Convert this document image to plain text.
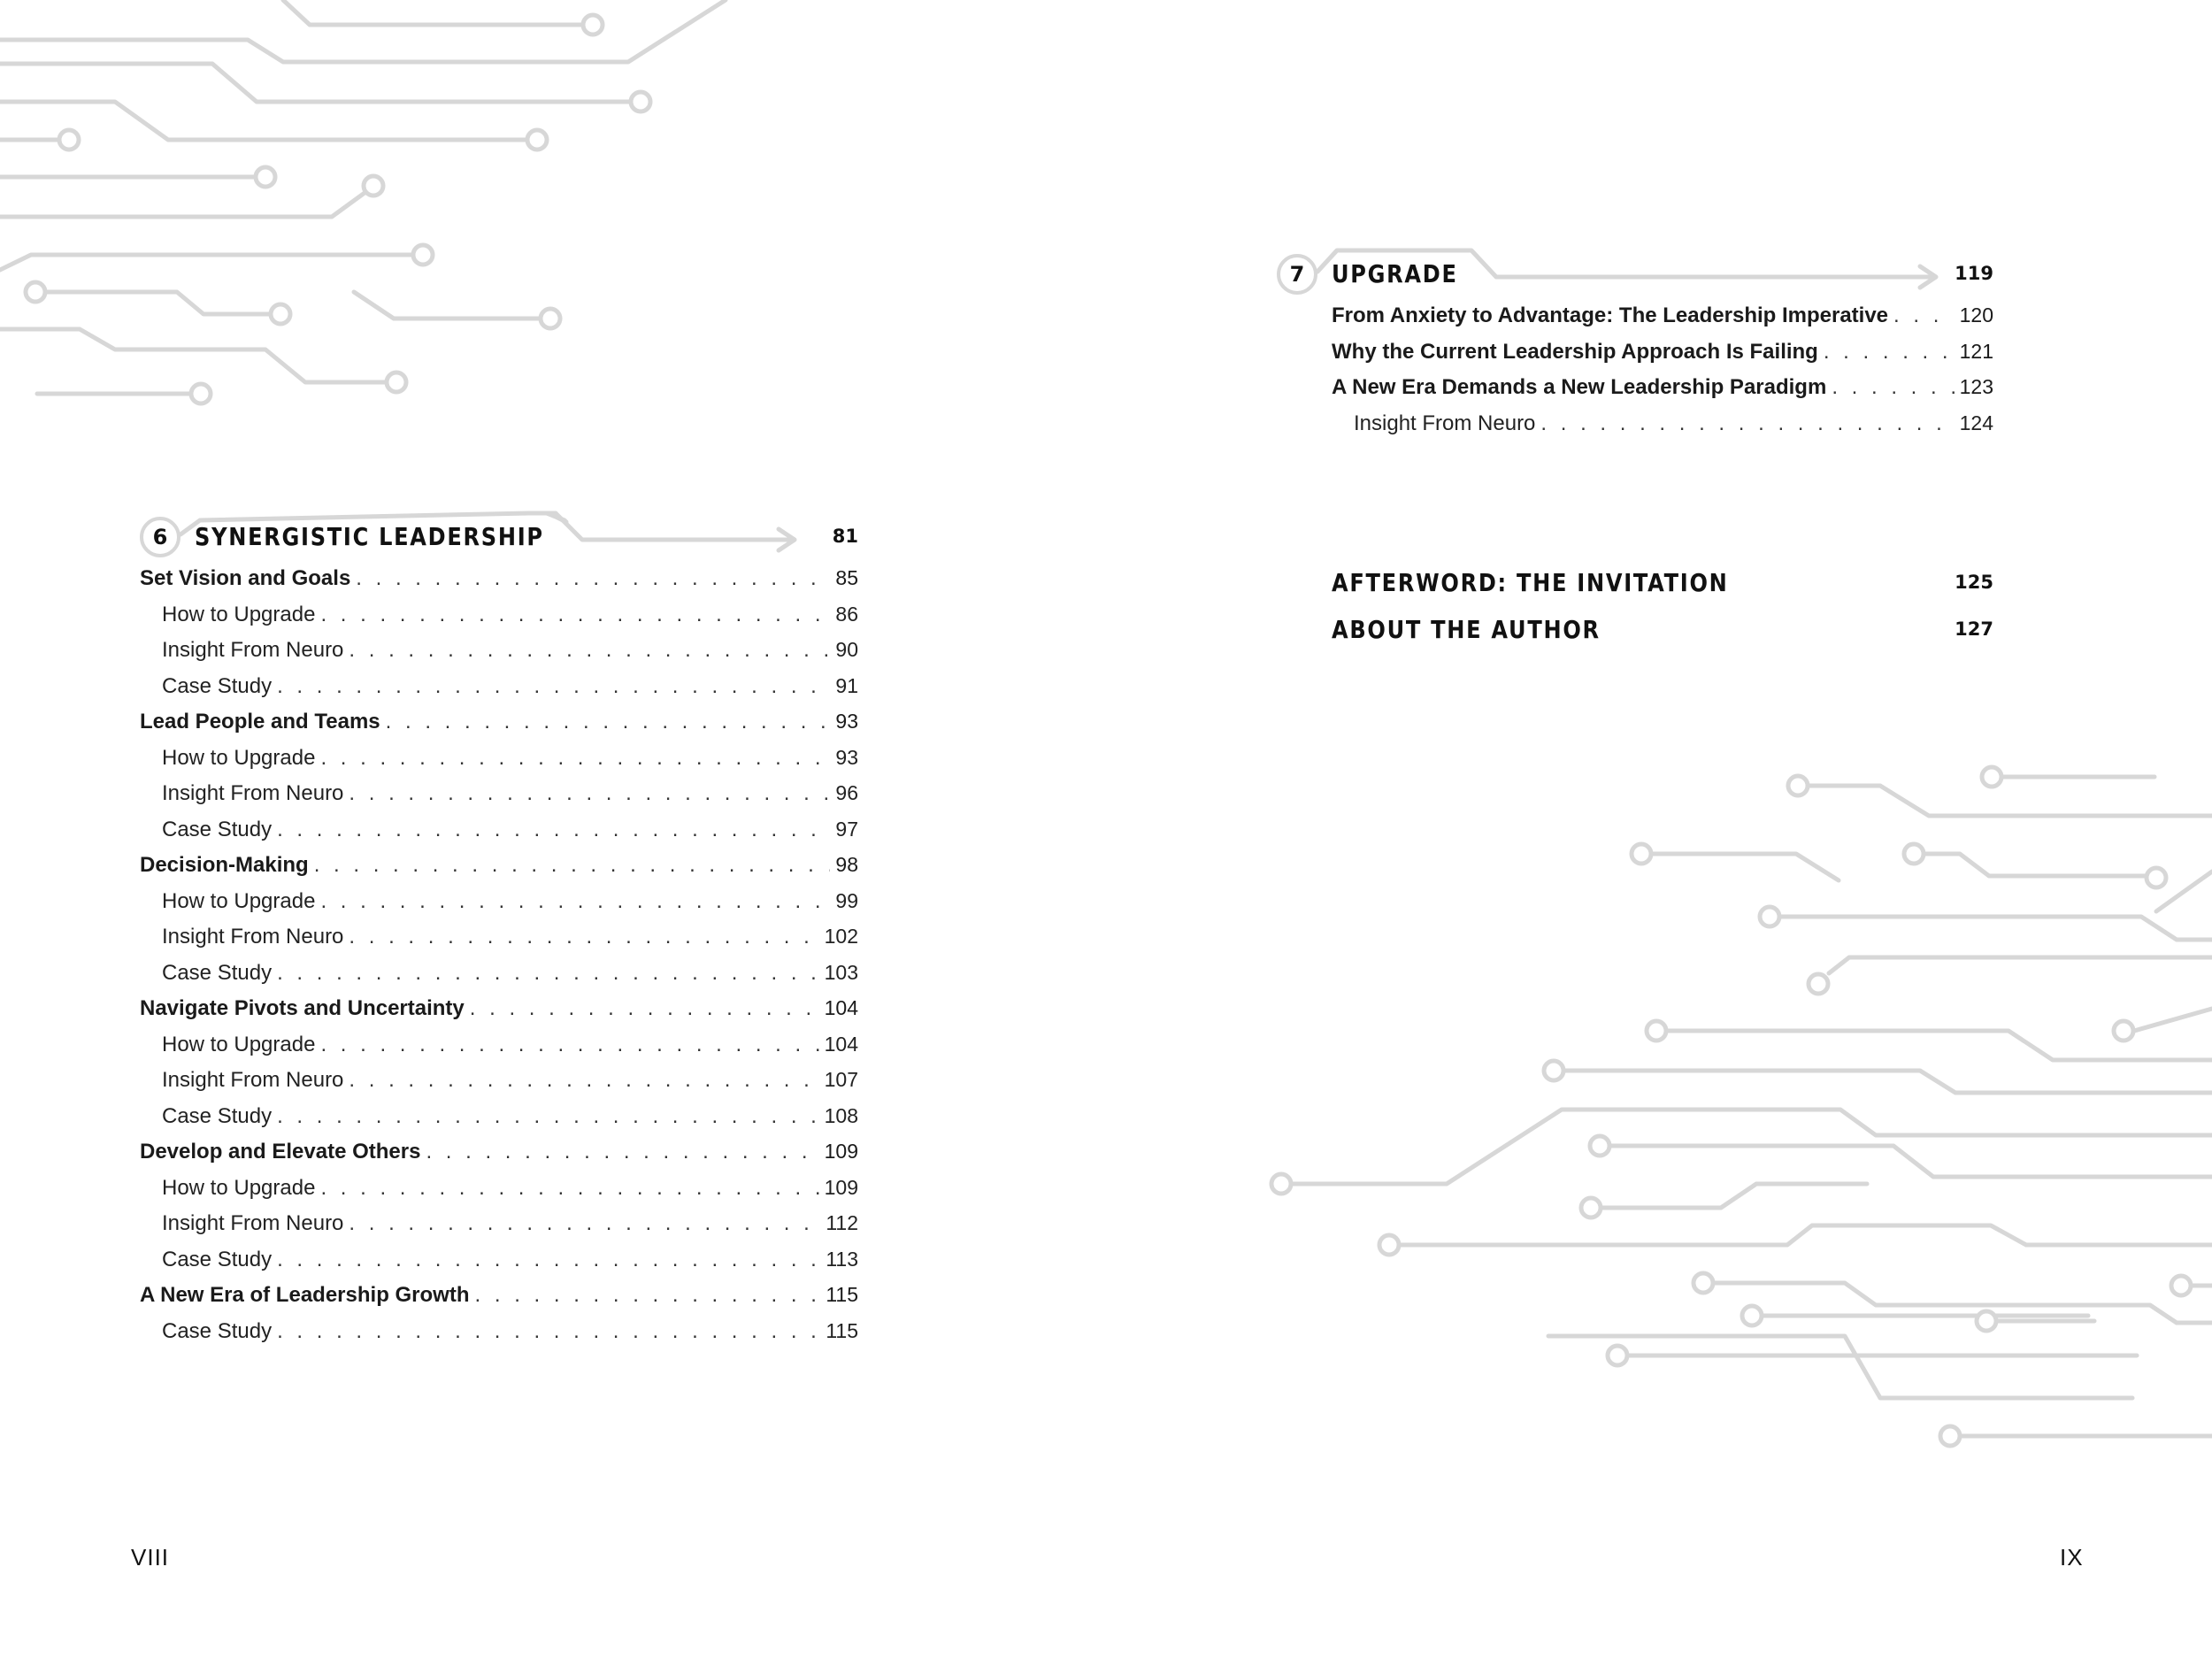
6	SYNERGISTIC LEADERSHIP	81
Set Vision and Goals . . .	85
How to Upgrade . . .	86
Insight From Neuro . . .	90
Case Study . . .	91
Lead People and Teams . . .	93
How to Upgrade . . .	93
Insight From Neuro . . .	96
Case Study . . .	97
Decision-Making . . .	98
How to Upgrade . . .	99
Insight From Neuro . . .	102
Case Study . . .	103
Navigate Pivots and Uncertainty . . .	104
How to Upgrade . . .	104
Insight From Neuro . . .	107
Case Study . . .	108
Develop and Elevate Others . . .	109
How to Upgrade . . .	109
Insight From Neuro . . .	112
Case Study . . .	113
A New Era of Leadership Growth . . .	115
Case Study . . .	115
7	UPGRADE	119
From Anxiety to Advantage: The Leadership Imperative . . .	120
Why the Current Leadership Approach Is Failing . . .	121
A New Era Demands a New Leadership Paradigm . . .	123
Insight From Neuro . . .	124
AFTERWORD: THE INVITATION	125
ABOUT THE AUTHOR	127
VIII	IX
